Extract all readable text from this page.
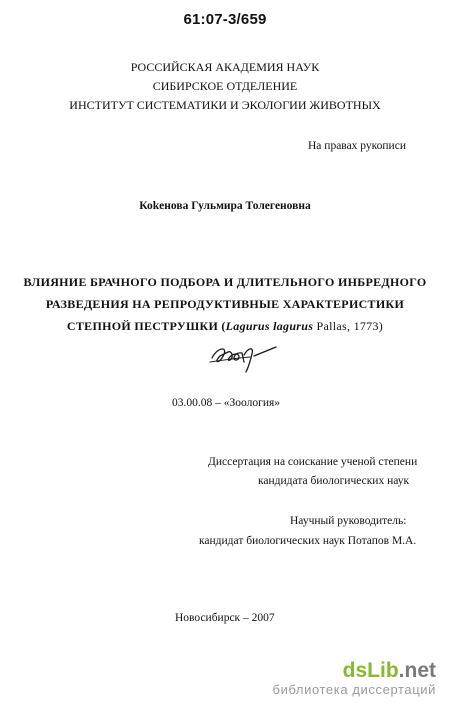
61:07-3/659
РОССИЙСКАЯ АКАДЕМИЯ НАУК
СИБИРСКОЕ ОТДЕЛЕНИЕ
ИНСТИТУТ СИСТЕМАТИКИ И ЭКОЛОГИИ ЖИВОТНЫХ
На правах рукописи
Коkенова Гульмира Толегеновна
ВЛИЯНИЕ БРАЧНОГО ПОДБОРА И ДЛИТЕЛЬНОГО ИНБРЕДНОГО
РАЗВЕДЕНИЯ НА РЕПРОДУКТИВНЫЕ ХАРАКТЕРИСТИКИ
СТЕПНОЙ ПЕСТРУШКИ (Lagurus lagurus Pallas, 1773)
03.00.08 – «Зоология»
Диссертация на соискание ученой степени
кандидата биологических наук
Научный руководитель:
кандидат биологических наук Потапов М.А.
Новосибирск – 2007
dsLib.net
библиотека диссертаций
